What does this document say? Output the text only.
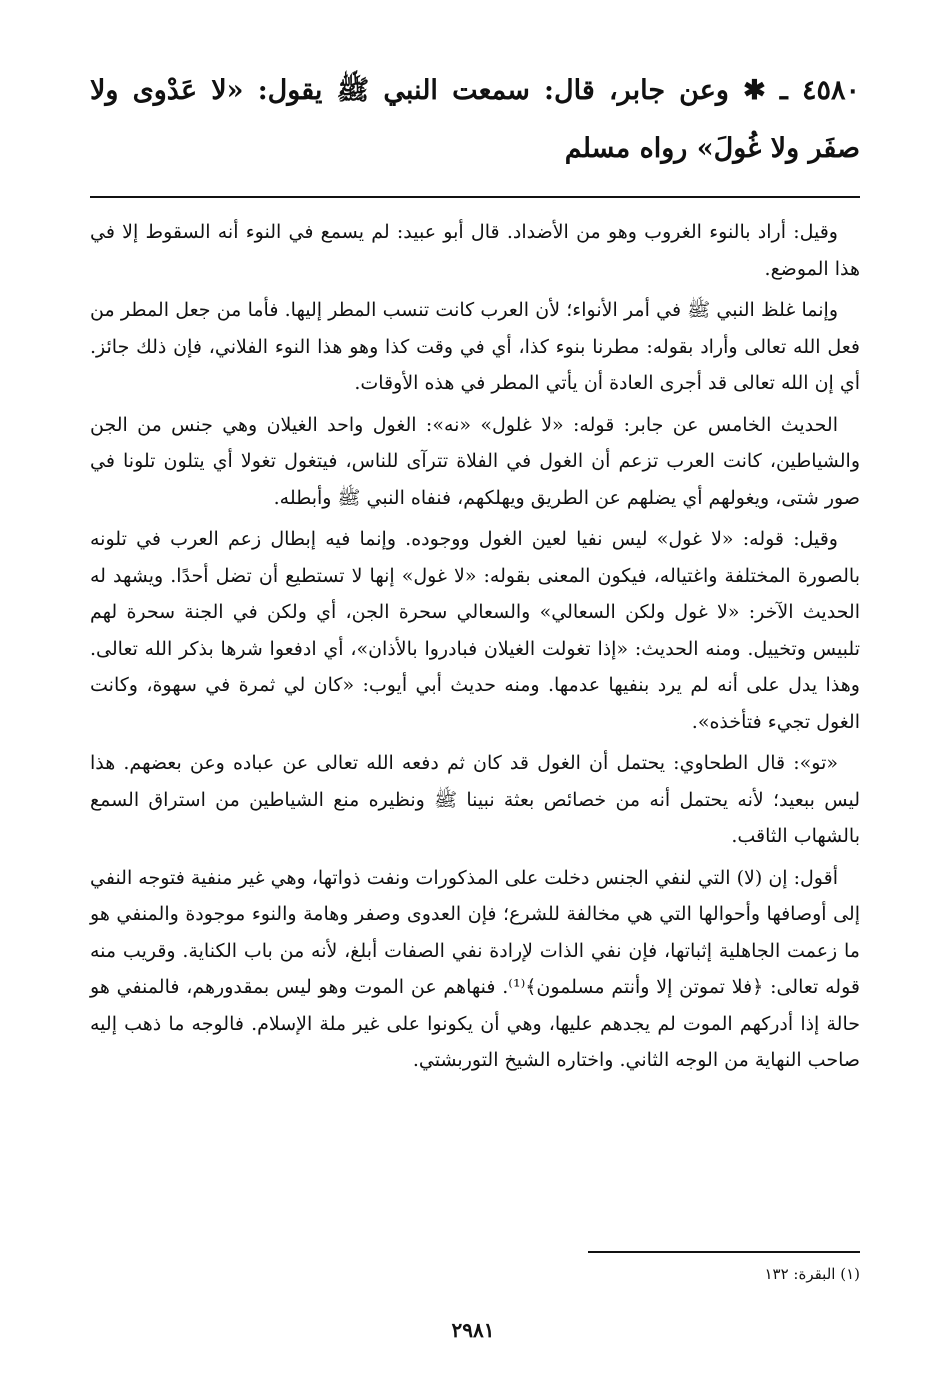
٤٥٨٠ ـ ✱ وعن جابر، قال: سمعت النبي ﷺ يقول: «لا عَدْوى ولا صفَر ولا غُولَ» رواه مسلم

وقيل: أراد بالنوء الغروب وهو من الأضداد. قال أبو عبيد: لم يسمع في النوء أنه السقوط إلا في هذا الموضع.

وإنما غلظ النبي ﷺ في أمر الأنواء؛ لأن العرب كانت تنسب المطر إليها. فأما من جعل المطر من فعل الله تعالى وأراد بقوله: مطرنا بنوء كذا، أي في وقت كذا وهو هذا النوء الفلاني، فإن ذلك جائز. أي إن الله تعالى قد أجرى العادة أن يأتي المطر في هذه الأوقات.

الحديث الخامس عن جابر: قوله: «لا غلول» «نه»: الغول واحد الغيلان وهي جنس من الجن والشياطين، كانت العرب تزعم أن الغول في الفلاة تترآى للناس، فيتغول تغولا أي يتلون تلونا في صور شتى، ويغولهم أي يضلهم عن الطريق ويهلكهم، فنفاه النبي ﷺ وأبطله.

وقيل: قوله: «لا غول» ليس نفيا لعين الغول ووجوده. وإنما فيه إبطال زعم العرب في تلونه بالصورة المختلفة واغتياله، فيكون المعنى بقوله: «لا غول» إنها لا تستطيع أن تضل أحدًا. ويشهد له الحديث الآخر: «لا غول ولكن السعالي» والسعالي سحرة الجن، أي ولكن في الجنة سحرة لهم تلبيس وتخييل. ومنه الحديث: «إذا تغولت الغيلان فبادروا بالأذان»، أي ادفعوا شرها بذكر الله تعالى. وهذا يدل على أنه لم يرد بنفيها عدمها. ومنه حديث أبي أيوب: «كان لي ثمرة في سهوة، وكانت الغول تجيء فتأخذه».

«تو»: قال الطحاوي: يحتمل أن الغول قد كان ثم دفعه الله تعالى عن عباده وعن بعضهم. هذا ليس ببعيد؛ لأنه يحتمل أنه من خصائص بعثة نبينا ﷺ ونظيره منع الشياطين من استراق السمع بالشهاب الثاقب.

أقول: إن (لا) التي لنفي الجنس دخلت على المذكورات ونفت ذواتها، وهي غير منفية فتوجه النفي إلى أوصافها وأحوالها التي هي مخالفة للشرع؛ فإن العدوى وصفر وهامة والنوء موجودة والمنفي هو ما زعمت الجاهلية إثباتها، فإن نفي الذات لإرادة نفي الصفات أبلغ، لأنه من باب الكناية. وقريب منه قوله تعالى: ﴿فلا تموتن إلا وأنتم مسلمون﴾⁽¹⁾. فنهاهم عن الموت وهو ليس بمقدورهم، فالمنفي هو حالة إذا أدركهم الموت لم يجدهم عليها، وهي أن يكونوا على غير ملة الإسلام. فالوجه ما ذهب إليه صاحب النهاية من الوجه الثاني. واختاره الشيخ التوربشتي.

(١) البقرة: ١٣٢
٢٩٨١
